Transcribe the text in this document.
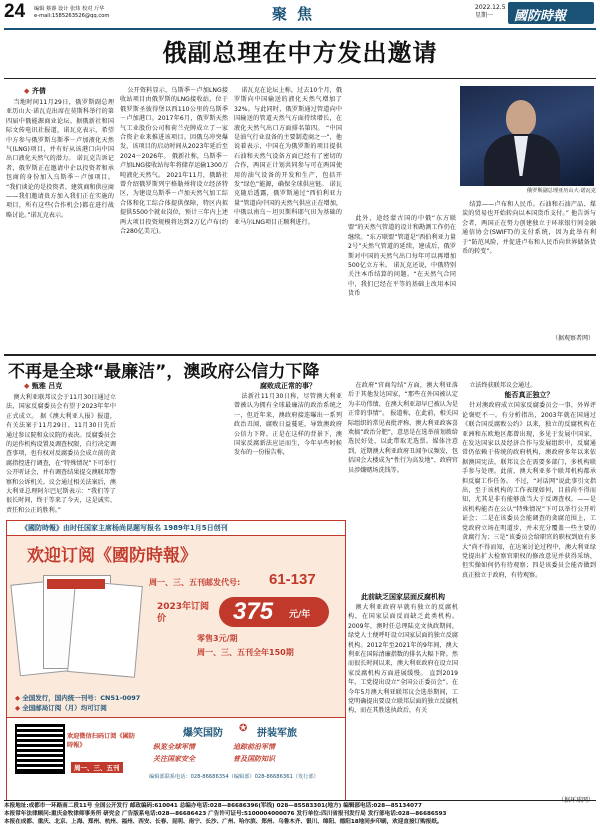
24 编辑 蔡睿 设计 张炜 校对 斤华
e-mail:1585263526@qq.com	聚焦	2022.12.5
星期一 國防時報
俄副总理在中方发出邀请
◆ 齐倩

当地时间11月29日，俄罗斯副总理亚历山大·诺瓦克出席在莫斯科举行的第四届中俄能源商业论坛。据俄新社和国际文传电讯社报道，诺瓦克表示，希望中方参与俄罗斯乌斯季－卢加液化天然气(LNG)项目，并有好从该港口向中国出口液化天然气的潜力。 诺瓦克告诉记者，俄罗斯正在邀请中企以投资者和承包商的身份加入乌斯季－卢加项目。 “我们谈论的是投资者、建筑商和供应商——我们邀请贵方加入我们正在实施的项目，所有这些(合作机会)都在进行战略讨论。”诺瓦克表示。

公开资料显示，乌斯季－卢加LNG接收站项目由俄罗斯的LNG接收站，位于俄罗斯圣彼得堡以西110公里的乌斯季－卢加港口。2017年6月，俄罗斯天然气工业股份公司和荷兰壳牌成立了一家合资企业来推进该项目。因俄乌冲突爆发，该项目的启动时间从2023年延后至2024－2026年。 俄新社称，乌斯季－卢加LNG接收站每年将储存运输1300万吨液化天然气。 2021年11月，俄路社曾介绍俄罗斯列宁格勒州将设立经济特区，为建设乌斯季－卢加天然气加工综合体和化工综合体提供保障，特区内拟提供5500个就业岗位，预计三年内上述两大项目投资规模将达到2万亿卢布(约合280亿美元)。

诺瓦克在论坛上称，过去10个月，俄罗斯向中国输送的液化天然气增加了32%。与此同时，俄罗斯通过管道向中国输送的管道天然气方面持续增长，在液化天然气出口方面排名第四。 “中国是油气行业设备的主要制造商之一”，他说着表示，中国在为俄罗斯的项目提供石油和天然气设备方面已经有了密切的合作，两国正计划共同参与可在两国使用的油气设备的开发和生产，包括开发“绿色”能源，确保全球供应链。 诺瓦克随后透露，俄罗斯通过“西伯利亚力量”管道向中国的天然气供应正在增加，中俄以南乌－坦贝斯科耶气田为基础的亚马尔LNG项目正顺利进行。

此外，途经蒙古国的中俄“东方联盟”的天然气管道的设计和勘测工作仍在继续。“东方联盟”管道是“西伯利亚力量2号”天然气管道的延续，建成后，俄罗斯对中国的天然气出口每年可以再增加500亿立方米。 诺瓦克还说，中俄特别关注本币结算的问题。“在天然气合同中，我们已经在平等的基础上改用本国货币

俄罗斯副总理亚历山大·诺瓦克

结算——卢布和人民币。石油和石油产品、煤炭的贸易也开始转向以本国货币支付。” 他告诉与会者，两国正在努力创建独立于环球银行间金融通信协会(SWIFT)的支付系统，因为此举有利于“防范风险，并促进卢布和人民币向世界储备货币的转变”。

（据观察者网）
不再是全球“最廉洁”，澳政府公信力下降
◆ 甄雅 吕克

澳大利亚联邦议会于11月30日通过立法，国家反腐委员会有望于2023年年中正式成立。 据《澳大利亚人报》报道，有关法案于11月29日、11月30日先后通过参议院和众议院的表决。反腐委员会的运作机构设置及调查权限，自行决定调查事项，也有权对反腐委员会成立前的贪腐指控进行调查，在“特殊情况”下可举行公开听证会，并有调查结果提交澳联邦警察和公诉机关。议会通过相关法案后，澳大利亚总理阿尔巴尼斯表示：“我们等了很长时间，终于等来了今天，这是诚实、责任和公正的胜利。”

腐败成正常的事？

法新社11月30日称，尽管澳大利亚曾被认为拥有全球最廉洁的政治系统之一，但近年来，澳政府接连曝出一系列政治丑闻，腐败日益蔓延，导致澳政府公信力下降。正是在这样的背景下，澳国家反腐新法应运而生，今年早些时候发布的一份报告称，

在政府“官商勾结”方面，澳大利亚落后于其他发达国家，“那些在外国被认定为丰功伟绩、在澳大利亚却早已被认为是正常的事情”。 报道称，在此前，相关国际组织的常见表批评称，澳大利亚政客喜欢搞“政治分肥”，意思是在选举前划拨给选民好处，以此带取无选票。媒体注意到，近期澳大利亚政府丑闻争议频发，包括国会大楼成为“性行为高发地”、政府官员涉嫌赌场洗钱等。

此前缺乏国家层面反腐机构

澳大利亚政府早就有独立的反腐机构，在国家层面反而缺乏此类机构。2009年，澳时任总理陆克文执政期间，绿党人士便呼吁设立国家层面的独立反腐机构。2012年至2021年的9年间，澳大利亚在国际清廉指数的排名大幅下降。然而很长时间以来，澳大利亚政府在设立国家反腐机构方面进展缓慢。 直到2019年，工党提出设立“全国公正委员会”。在今年5月澳大利亚联邦议会选举期间，工党明确提出要设立联邦层面的独立反腐机构，而在其胜选执政后，有关

立法终获联邦议会通过。

能否真正独立？

针对澳政府成立国家反腐委员会一事，外界评论褒贬不一。有分析指出，2003年就在国通过《联合国反腐败公约》以来，独立的反腐机构在亚洲和东欧地区都曾出现，多见于发展中国家，在发达国家以及经济合作与发展组织中，反腐通常仍依赖于传统的政府机构，澳政府多年以来依据澳国宪法，联邦议会在需要多部门，多机构联手参与处理。此前，澳大利亚多个联邦机构都承担反腐工作任务。 不过，“对话网”说此事引文指出，至于该机构的工作表现如何，目前尚不得而知，尤其是非有能够放当大于反调查权。——是该机构能否在公认“特殊情况”下可以举行公开听证会；二是在该委员会能调查的贪腐范围上，工党政府立场在明道步，并未充分覆盖一些主要的贪腐行为；三是“该委员会给职官的职权到底有多大”尚不得而知，在达案讨论过程中，澳大利亚绿党提出扩大检察官职权的修改意见并获得采纳，但实操如何仍有待观察；四是该委员会能否做到真正独立于政府，有待观察。

《國防時報》由时任国家主席杨尚昆题写报名 1989年1月5日创刊
欢迎订阅《國防時報》
周一、三、五刊邮发代号: 61-137
2023年订阅价	375 元/年
零售3元/期
周一、三、五刊全年150期
◆ 全国发行，国内统一刊号：CN51-0097
◆ 全国邮局订阅（月）均可订阅
欢迎微信扫码订阅《國防時報》
周一、三、五刊
爆笑国防 ✪ 拼装军旅
纵览全球军情	追踪前沿军情
关注国家安全	普及国防知识
编辑部联系电话：028-86686354（编辑部）028-86686361（发行部）
本报地址:成都市一环路南二段11号 全国公开发行 邮政编码:610041 总编办电话:028—86686396(军线) 028—85583301(地方) 编辑部电话:028—85134077
本报常年法律顾问:重庆金牧律师事务所 研究会 广告版系电话:028—86686423 广告许可证号:5100004000076 发行单位:四川省报刊发行局 发行部电话:028—86686593
本报在成都、重庆、北京、上海、郑州、杭州、福州、西安、长春、昆明、南宁、长沙、广州、哈尔滨、郑州、乌鲁木齐、银川、绵阳、德阳18地同步印刷，欢迎直接订购报纸。
